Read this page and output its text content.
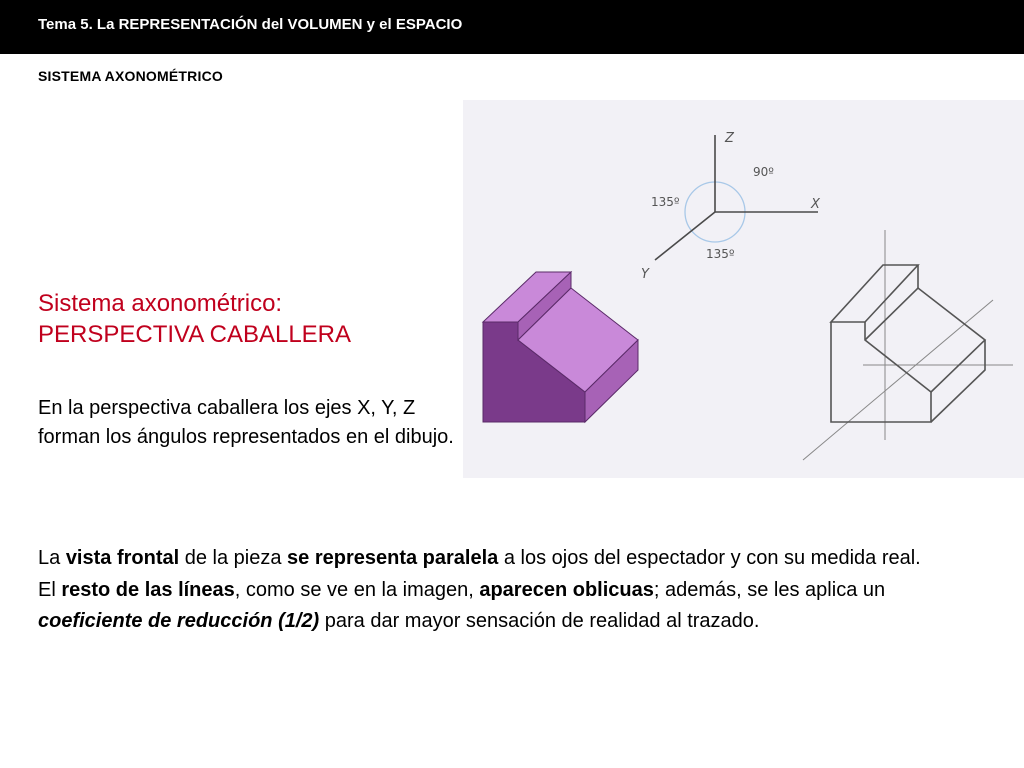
Tema 5. La REPRESENTACIÓN del VOLUMEN y el ESPACIO
SISTEMA AXONOMÉTRICO
Z
X
Y
90º
135º
135º
Sistema axonométrico:
PERSPECTIVA CABALLERA
En la perspectiva caballera los ejes X, Y, Z forman los ángulos representados en el dibujo.
La vista frontal de la pieza se representa paralela a los ojos del espectador y con su medida real.
El resto de las líneas, como se ve en la imagen, aparecen oblicuas; además, se les aplica un coeficiente de reducción (1/2) para dar mayor sensación de realidad al trazado.
